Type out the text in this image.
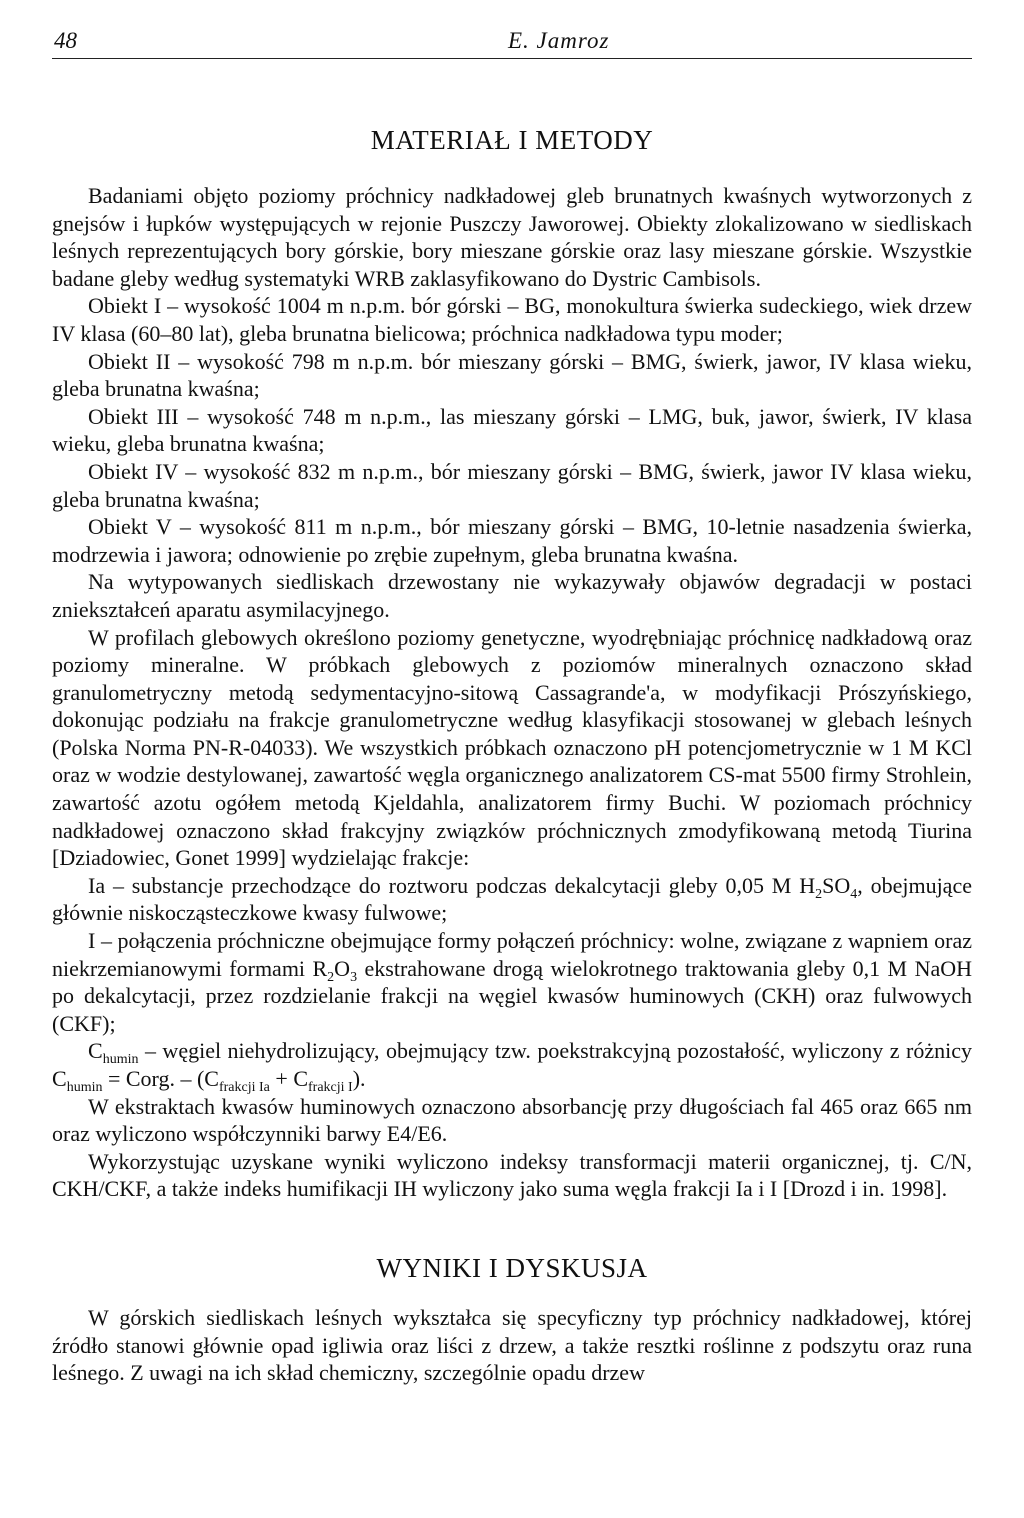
48	E. Jamroz
MATERIAŁ I METODY

Badaniami objęto poziomy próchnicy nadkładowej gleb brunatnych kwaśnych wytworzonych z gnejsów i łupków występujących w rejonie Puszczy Jaworowej. Obiekty zlokalizowano w siedliskach leśnych reprezentujących bory górskie, bory mieszane górskie oraz lasy mieszane górskie. Wszystkie badane gleby według systematyki WRB zaklasyfikowano do Dystric Cambisols.

Obiekt I – wysokość 1004 m n.p.m. bór górski – BG, monokultura świerka sudeckiego, wiek drzew IV klasa (60–80 lat), gleba brunatna bielicowa; próchnica nadkładowa typu moder;

Obiekt II – wysokość 798 m n.p.m. bór mieszany górski – BMG, świerk, jawor, IV klasa wieku, gleba brunatna kwaśna;

Obiekt III – wysokość 748 m n.p.m., las mieszany górski – LMG, buk, jawor, świerk, IV klasa wieku, gleba brunatna kwaśna;

Obiekt IV – wysokość 832 m n.p.m., bór mieszany górski – BMG, świerk, jawor IV klasa wieku, gleba brunatna kwaśna;

Obiekt V – wysokość 811 m n.p.m., bór mieszany górski – BMG, 10-letnie nasadzenia świerka, modrzewia i jawora; odnowienie po zrębie zupełnym, gleba brunatna kwaśna.

Na wytypowanych siedliskach drzewostany nie wykazywały objawów degradacji w postaci zniekształceń aparatu asymilacyjnego.

W profilach glebowych określono poziomy genetyczne, wyodrębniając próchnicę nadkładową oraz poziomy mineralne. W próbkach glebowych z poziomów mineralnych oznaczono skład granulometryczny metodą sedymentacyjno-sitową Cassagrande'a, w modyfikacji Prószyńskiego, dokonując podziału na frakcje granulometryczne według klasyfikacji stosowanej w glebach leśnych (Polska Norma PN-R-04033). We wszystkich próbkach oznaczono pH potencjometrycznie w 1 M KCl oraz w wodzie destylowanej, zawartość węgla organicznego analizatorem CS-mat 5500 firmy Strohlein, zawartość azotu ogółem metodą Kjeldahla, analizatorem firmy Buchi. W poziomach próchnicy nadkładowej oznaczono skład frakcyjny związków próchnicznych zmodyfikowaną metodą Tiurina [Dziadowiec, Gonet 1999] wydzielając frakcje:

Ia – substancje przechodzące do roztworu podczas dekalcytacji gleby 0,05 M $H_2SO_4$, obejmujące głównie niskocząsteczkowe kwasy fulwowe;

I – połączenia próchniczne obejmujące formy połączeń próchnicy: wolne, związane z wapniem oraz niekrzemianowymi formami $R_2O_3$ ekstrahowane drogą wielokrotnego traktowania gleby 0,1 M NaOH po dekalcytacji, przez rozdzielanie frakcji na węgiel kwasów huminowych (CKH) oraz fulwowych (CKF);

$C_{humin}$ – węgiel niehydrolizujący, obejmujący tzw. poekstrakcyjną pozostałość, wyliczony z różnicy $C_{humin}$ = Corg. – $(C_{frakcji Ia} + C_{frakcji I})$.

W ekstraktach kwasów huminowych oznaczono absorbancję przy długościach fal 465 oraz 665 nm oraz wyliczono współczynniki barwy E4/E6.

Wykorzystując uzyskane wyniki wyliczono indeksy transformacji materii organicznej, tj. C/N, CKH/CKF, a także indeks humifikacji IH wyliczony jako suma węgla frakcji Ia i I [Drozd i in. 1998].

WYNIKI I DYSKUSJA

W górskich siedliskach leśnych wykształca się specyficzny typ próchnicy nadkładowej, której źródło stanowi głównie opad igliwia oraz liści z drzew, a także resztki roślinne z podszytu oraz runa leśnego. Z uwagi na ich skład chemiczny, szczególnie opadu drzew
